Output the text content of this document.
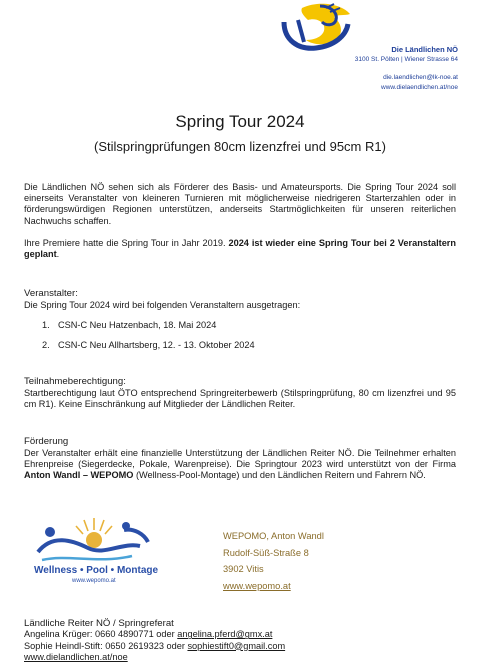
Die Ländlichen NÖ
3100 St. Pölten | Wiener Strasse 64
die.laendlichen@lk-noe.at
www.dielaendlichen.at/noe
Spring Tour 2024
(Stilspringprüfungen 80cm lizenzfrei und 95cm R1)
Die Ländlichen NÖ sehen sich als Förderer des Basis- und Amateursports. Die Spring Tour 2024 soll einerseits Veranstalter von kleineren Turnieren mit möglicherweise niedrigeren Starterzahlen oder in förderungswürdigen Regionen unterstützen, anderseits Startmöglichkeiten für unseren reiterlichen Nachwuchs schaffen.
Ihre Premiere hatte die Spring Tour in Jahr 2019. 2024 ist wieder eine Spring Tour bei 2 Veranstaltern geplant.
Veranstalter:
Die Spring Tour 2024 wird bei folgenden Veranstaltern ausgetragen:
1. CSN-C Neu Hatzenbach, 18. Mai 2024
2. CSN-C Neu Allhartsberg, 12. - 13. Oktober 2024
Teilnahmeberechtigung:
Startberechtigung laut ÖTO entsprechend Springreiterbewerb (Stilspringprüfung, 80 cm lizenzfrei und 95 cm R1). Keine Einschränkung auf Mitglieder der Ländlichen Reiter.
Förderung
Der Veranstalter erhält eine finanzielle Unterstützung der Ländlichen Reiter NÖ. Die Teilnehmer erhalten Ehrenpreise (Siegerdecke, Pokale, Warenpreise). Die Springtour 2023 wird unterstützt von der Firma Anton Wandl – WEPOMO (Wellness-Pool-Montage) und den Ländlichen Reitern und Fahrern NÖ.
Wellness • Pool • Montage
www.wepomo.at
WEPOMO, Anton Wandl
Rudolf-Süß-Straße 8
3902 Vitis
www.wepomo.at
Ländliche Reiter NÖ / Springreferat
Angelina Krüger: 0660 4890771 oder angelina.pferd@gmx.at
Sophie Heindl-Stift: 0650 2619323 oder sophiestift0@gmail.com
www.dielandlichen.at/noe
